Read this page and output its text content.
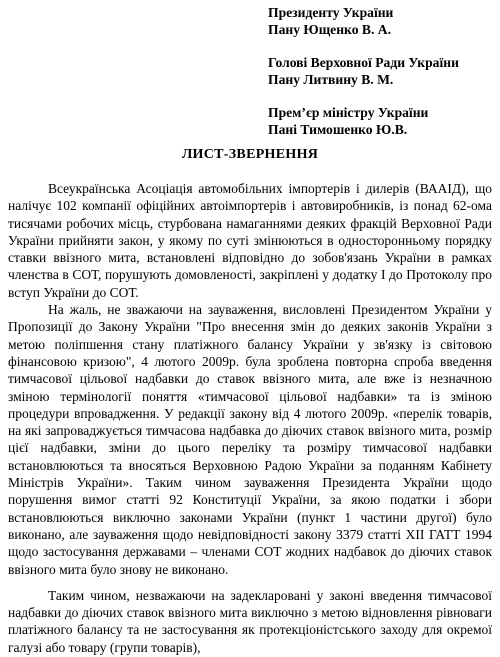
Президенту України
Пану Ющенко В. А.
Голові Верховної Ради України
Пану Литвину В. М.
Прем’єр міністру України
Пані Тимошенко Ю.В.
ЛИСТ-ЗВЕРНЕННЯ

Всеукраїнська Асоціація автомобільних імпортерів і дилерів (ВААІД), що налічує 102 компанії офіційних автоімпортерів і автовиробників, із понад 62-ома тисячами робочих місць, стурбована намаганнями деяких фракцій Верховної Ради України прийняти закон, у якому по суті змінюються в односторонньому порядку ставки ввізного мита, встановлені відповідно до зобов'язань України в рамках членства в СОТ, порушують домовленості, закріплені у додатку І до Протоколу про вступ України до СОТ.

На жаль, не зважаючи на зауваження, висловлені Президентом України у Пропозиції до Закону України "Про внесення змін до деяких законів України з метою поліпшення стану платіжного балансу України у зв'язку із світовою фінансовою кризою", 4 лютого 2009р. була зроблена повторна спроба введення тимчасової цільової надбавки до ставок ввізного мита, але вже із незначною зміною термінології поняття «тимчасової цільової надбавки» та із зміною процедури впровадження. У редакції закону від 4 лютого 2009р. «перелік товарів, на які запроваджується тимчасова надбавка до діючих ставок ввізного мита, розмір цієї надбавки, зміни до цього переліку та розміру тимчасової надбавки встановлюються та вносяться Верховною Радою України за поданням Кабінету Міністрів України». Таким чином зауваження Президента України щодо порушення вимог статті 92 Конституції України, за якою податки і збори встановлюються виключно законами України (пункт 1 частини другої) було виконано, але зауваження щодо невідповідності закону 3379 статті XII ГАТТ 1994 щодо застосування державами – членами СОТ жодних надбавок до діючих ставок ввізного мита було знову не виконано.

Таким чином, незважаючи на задекларовані у законі введення тимчасової надбавки до діючих ставок ввізного мита виключно з метою відновлення рівноваги платіжного балансу та не застосування як протекціоністського заходу для окремої галузі або товару (групи товарів),
